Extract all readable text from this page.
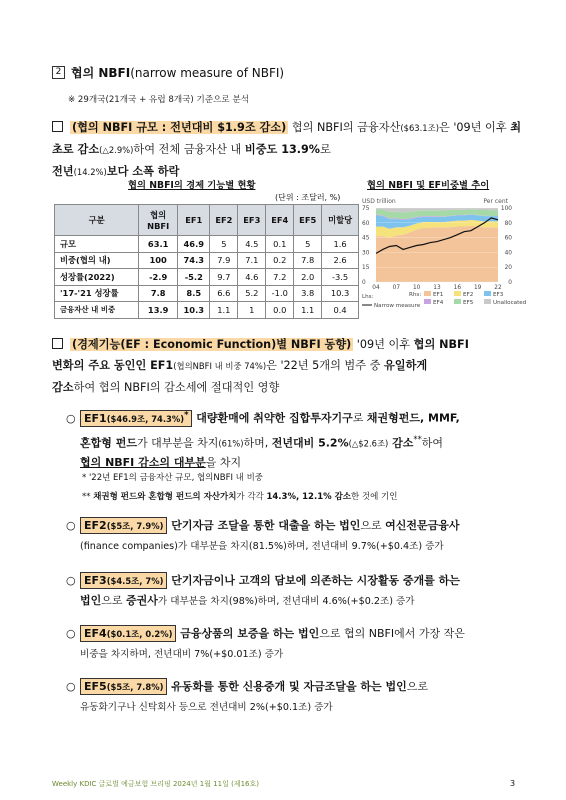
2 협의 NBFI(narrow measure of NBFI)
※ 29개국(21개국 + 유럽 8개국) 기준으로 분석
(협의 NBFI 규모 : 전년대비 $1.9조 감소) 협의 NBFI의 금융자산($63.1조)은 '09년 이후 최초로 감소(△2.9%)하여 전체 금융자산 내 비중도 13.9%로
전년(14.2%)보다 소폭 하락
협의 NBFI의 경제 기능별 현황
(단위 : 조달러, %)
구분	협의 NBFI	EF1	EF2	EF3	EF4	EF5	미할당
규모	63.1	46.9	5	4.5	0.1	5	1.6
비중(협의 내)	100	74.3	7.9	7.1	0.2	7.8	2.6
성장률(2022)	-2.9	-5.2	9.7	4.6	7.2	2.0	-3.5
'17-'21 성장률	7.8	8.5	6.6	5.2	-1.0	3.8	10.3
금융자산 내 비중	13.9	10.3	1.1	1	0.0	1.1	0.4
협의 NBFI 및 EF비중별 추이
USD trillion	Per cent
75
60
45
30
15
0
100
80
60
40
20
0
04 07 10 13 16 19 22
Lhs:	Rhs:
Narrow measure
EF1	EF2	EF3
EF4	EF5	Unallocated
(경제기능(EF : Economic Function)별 NBFI 동향) '09년 이후 협의 NBFI
변화의 주요 동인인 EF1(협의NBFI 내 비중 74%)은 '22년 5개의 범주 중 유일하게
감소하여 협의 NBFI의 감소세에 절대적인 영향
○ EF1($46.9조, 74.3%)* 대량환매에 취약한 집합투자기구로 채권형펀드, MMF,
혼합형 펀드가 대부분을 차지(61%)하며, 전년대비 5.2%(△$2.6조) 감소**하여
협의 NBFI 감소의 대부분을 차지
* '22년 EF1의 금융자산 규모, 협의NBFI 내 비중
** 채권형 펀드와 혼합형 펀드의 자산가치가 각각 14.3%, 12.1% 감소한 것에 기인
○ EF2($5조, 7.9%) 단기자금 조달을 통한 대출을 하는 법인으로 여신전문금융사
(finance companies)가 대부분을 차지(81.5%)하며, 전년대비 9.7%(+$0.4조) 증가
○ EF3($4.5조, 7%) 단기자금이나 고객의 담보에 의존하는 시장활동 중개를 하는
법인으로 증권사가 대부분을 차지(98%)하며, 전년대비 4.6%(+$0.2조) 증가
○ EF4($0.1조, 0.2%) 금융상품의 보증을 하는 법인으로 협의 NBFI에서 가장 작은
비중을 차지하며, 전년대비 7%(+$0.01조) 증가
○ EF5($5조, 7.8%) 유동화를 통한 신용중개 및 자금조달을 하는 법인으로
유동화기구나 신탁회사 등으로 전년대비 2%(+$0.1조) 증가
Weekly KDIC 글로벌 예금보험 브리핑 2024년 1월 11일 (제16호)	3
